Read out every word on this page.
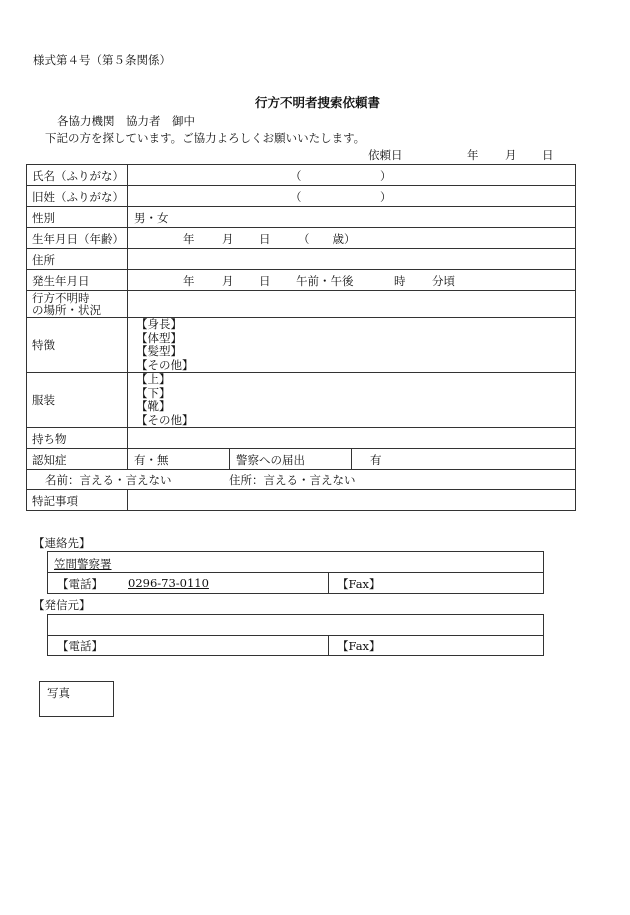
様式第４号（第５条関係）
行方不明者捜索依頼書
各協力機関　協力者　御中
下記の方を探しています。ご協力よろしくお願いいたします。
依頼日	年 月 日
氏名（ふりがな）	（	）
旧姓（ふりがな）	（	）
性別	男・女
生年月日（年齢）	年 月 日 （　　歳）
住所
発生年月日	年 月 日 午前・午後	時 分頃
行方不明時
の場所・状況
特徴
【身長】
【体型】
【髪型】
【その他】
服装
【上】
【下】
【靴】
【その他】
持ち物
認知症	有・無	警察への届出	有
名前：言える・言えない	住所：言える・言えない
特記事項
【連絡先】
笠間警察署
【電話】 0296-73-0110	【Fax】
【発信元】
【電話】	【Fax】
写真
